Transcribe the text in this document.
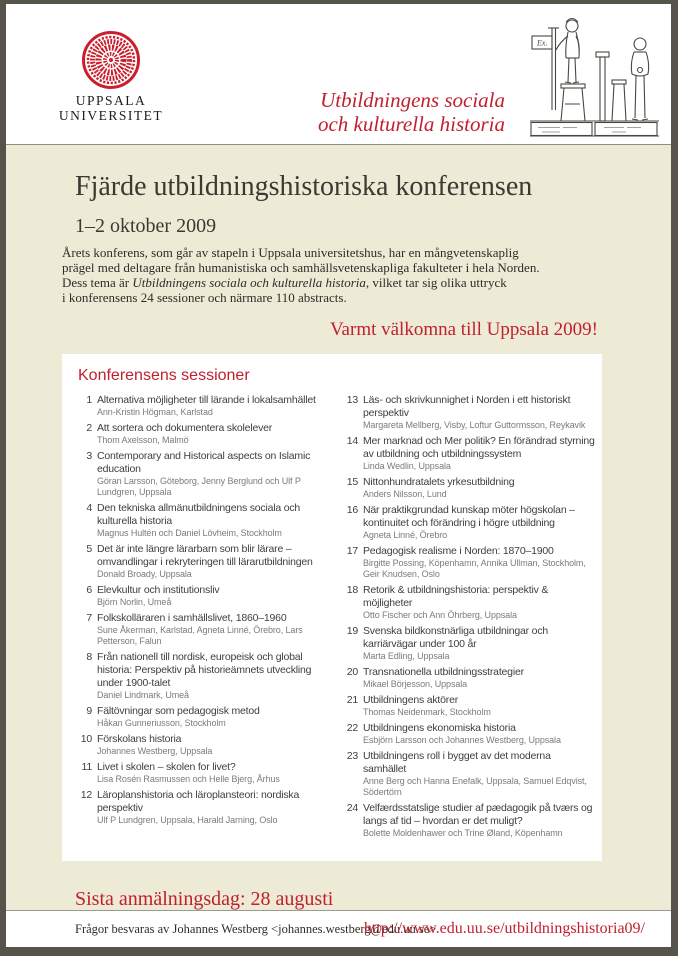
UPPSALA
UNIVERSITET
Utbildningens sociala
och kulturella historia
Ex.
Fjärde utbildningshistoriska konferensen
1–2 oktober 2009

Årets konferens, som går av stapeln i Uppsala universitetshus, har en mångvetenskaplig
prägel med deltagare från humanistiska och samhällsvetenskapliga fakulteter i hela Norden.
Dess tema är Utbildningens sociala och kulturella historia, vilket tar sig olika uttryck
i konferensens 24 sessioner och närmare 110 abstracts.

Varmt välkomna till Uppsala 2009!
Konferensens sessioner
1 Alternativa möjligheter till lärande i lokalsamhället
Ann-Kristin Högman, Karlstad
2 Att sortera och dokumentera skolelever
Thom Axelsson, Malmö
3 Contemporary and Historical aspects on Islamic education
Göran Larsson, Göteborg, Jenny Berglund och Ulf P Lundgren, Uppsala
4 Den tekniska allmänutbildningens sociala och kulturella historia
Magnus Hultén och Daniel Lövheim, Stockholm
5 Det är inte längre lärarbarn som blir lärare – omvandlingar i rekryteringen till lärarutbildningen
Donald Broady, Uppsala
6 Elevkultur och institutionsliv
Björn Norlin, Umeå
7 Folkskolläraren i samhällslivet, 1860–1960
Sune Åkerman, Karlstad, Agneta Linné, Örebro, Lars Petterson, Falun
8 Från nationell till nordisk, europeisk och global historia: Perspektiv på historieämnets utveckling under 1900-talet
Daniel Lindmark, Umeå
9 Fältövningar som pedagogisk metod
Håkan Gunneriusson, Stockholm
10 Förskolans historia
Johannes Westberg, Uppsala
11 Livet i skolen – skolen for livet?
Lisa Rosén Rasmussen och Helle Bjerg, Århus
12 Läroplanshistoria och läroplansteori: nordiska perspektiv
Ulf P Lundgren, Uppsala, Harald Jarning, Oslo
13 Läs- och skrivkunnighet i Norden i ett historiskt perspektiv
Margareta Mellberg, Visby, Loftur Guttormsson, Reykavik
14 Mer marknad och Mer politik? En förändrad styrning av utbildning och utbildningssystem
Linda Wedlin, Uppsala
15 Nittonhundratalets yrkesutbildning
Anders Nilsson, Lund
16 När praktikgrundad kunskap möter högskolan – kontinuitet och förändring i högre utbildning
Agneta Linné, Örebro
17 Pedagogisk realisme i Norden: 1870–1900
Birgitte Possing, Köpenhamn, Annika Ullman, Stockholm, Geir Knudsen, Oslo
18 Retorik & utbildningshistoria: perspektiv & möjligheter
Otto Fischer och Ann Öhrberg, Uppsala
19 Svenska bildkonstnärliga utbildningar och karriärvägar under 100 år
Marta Edling, Uppsala
20 Transnationella utbildningsstrategier
Mikael Börjesson, Uppsala
21 Utbildningens aktörer
Thomas Neidenmark, Stockholm
22 Utbildningens ekonomiska historia
Esbjörn Larsson och Johannes Westberg, Uppsala
23 Utbildningens roll i bygget av det moderna samhället
Anne Berg och Hanna Enefalk, Uppsala, Samuel Edqvist, Södertörn
24 Velfærdsstatslige studier af pædagogik på tværs og langs af tid – hvordan er det muligt?
Bolette Moldenhawer och Trine Øland, Köpenhamn
Sista anmälningsdag: 28 augusti
Frågor besvaras av Johannes Westberg <johannes.westberg@edu.uu.se>
http://www.edu.uu.se/utbildningshistoria09/
